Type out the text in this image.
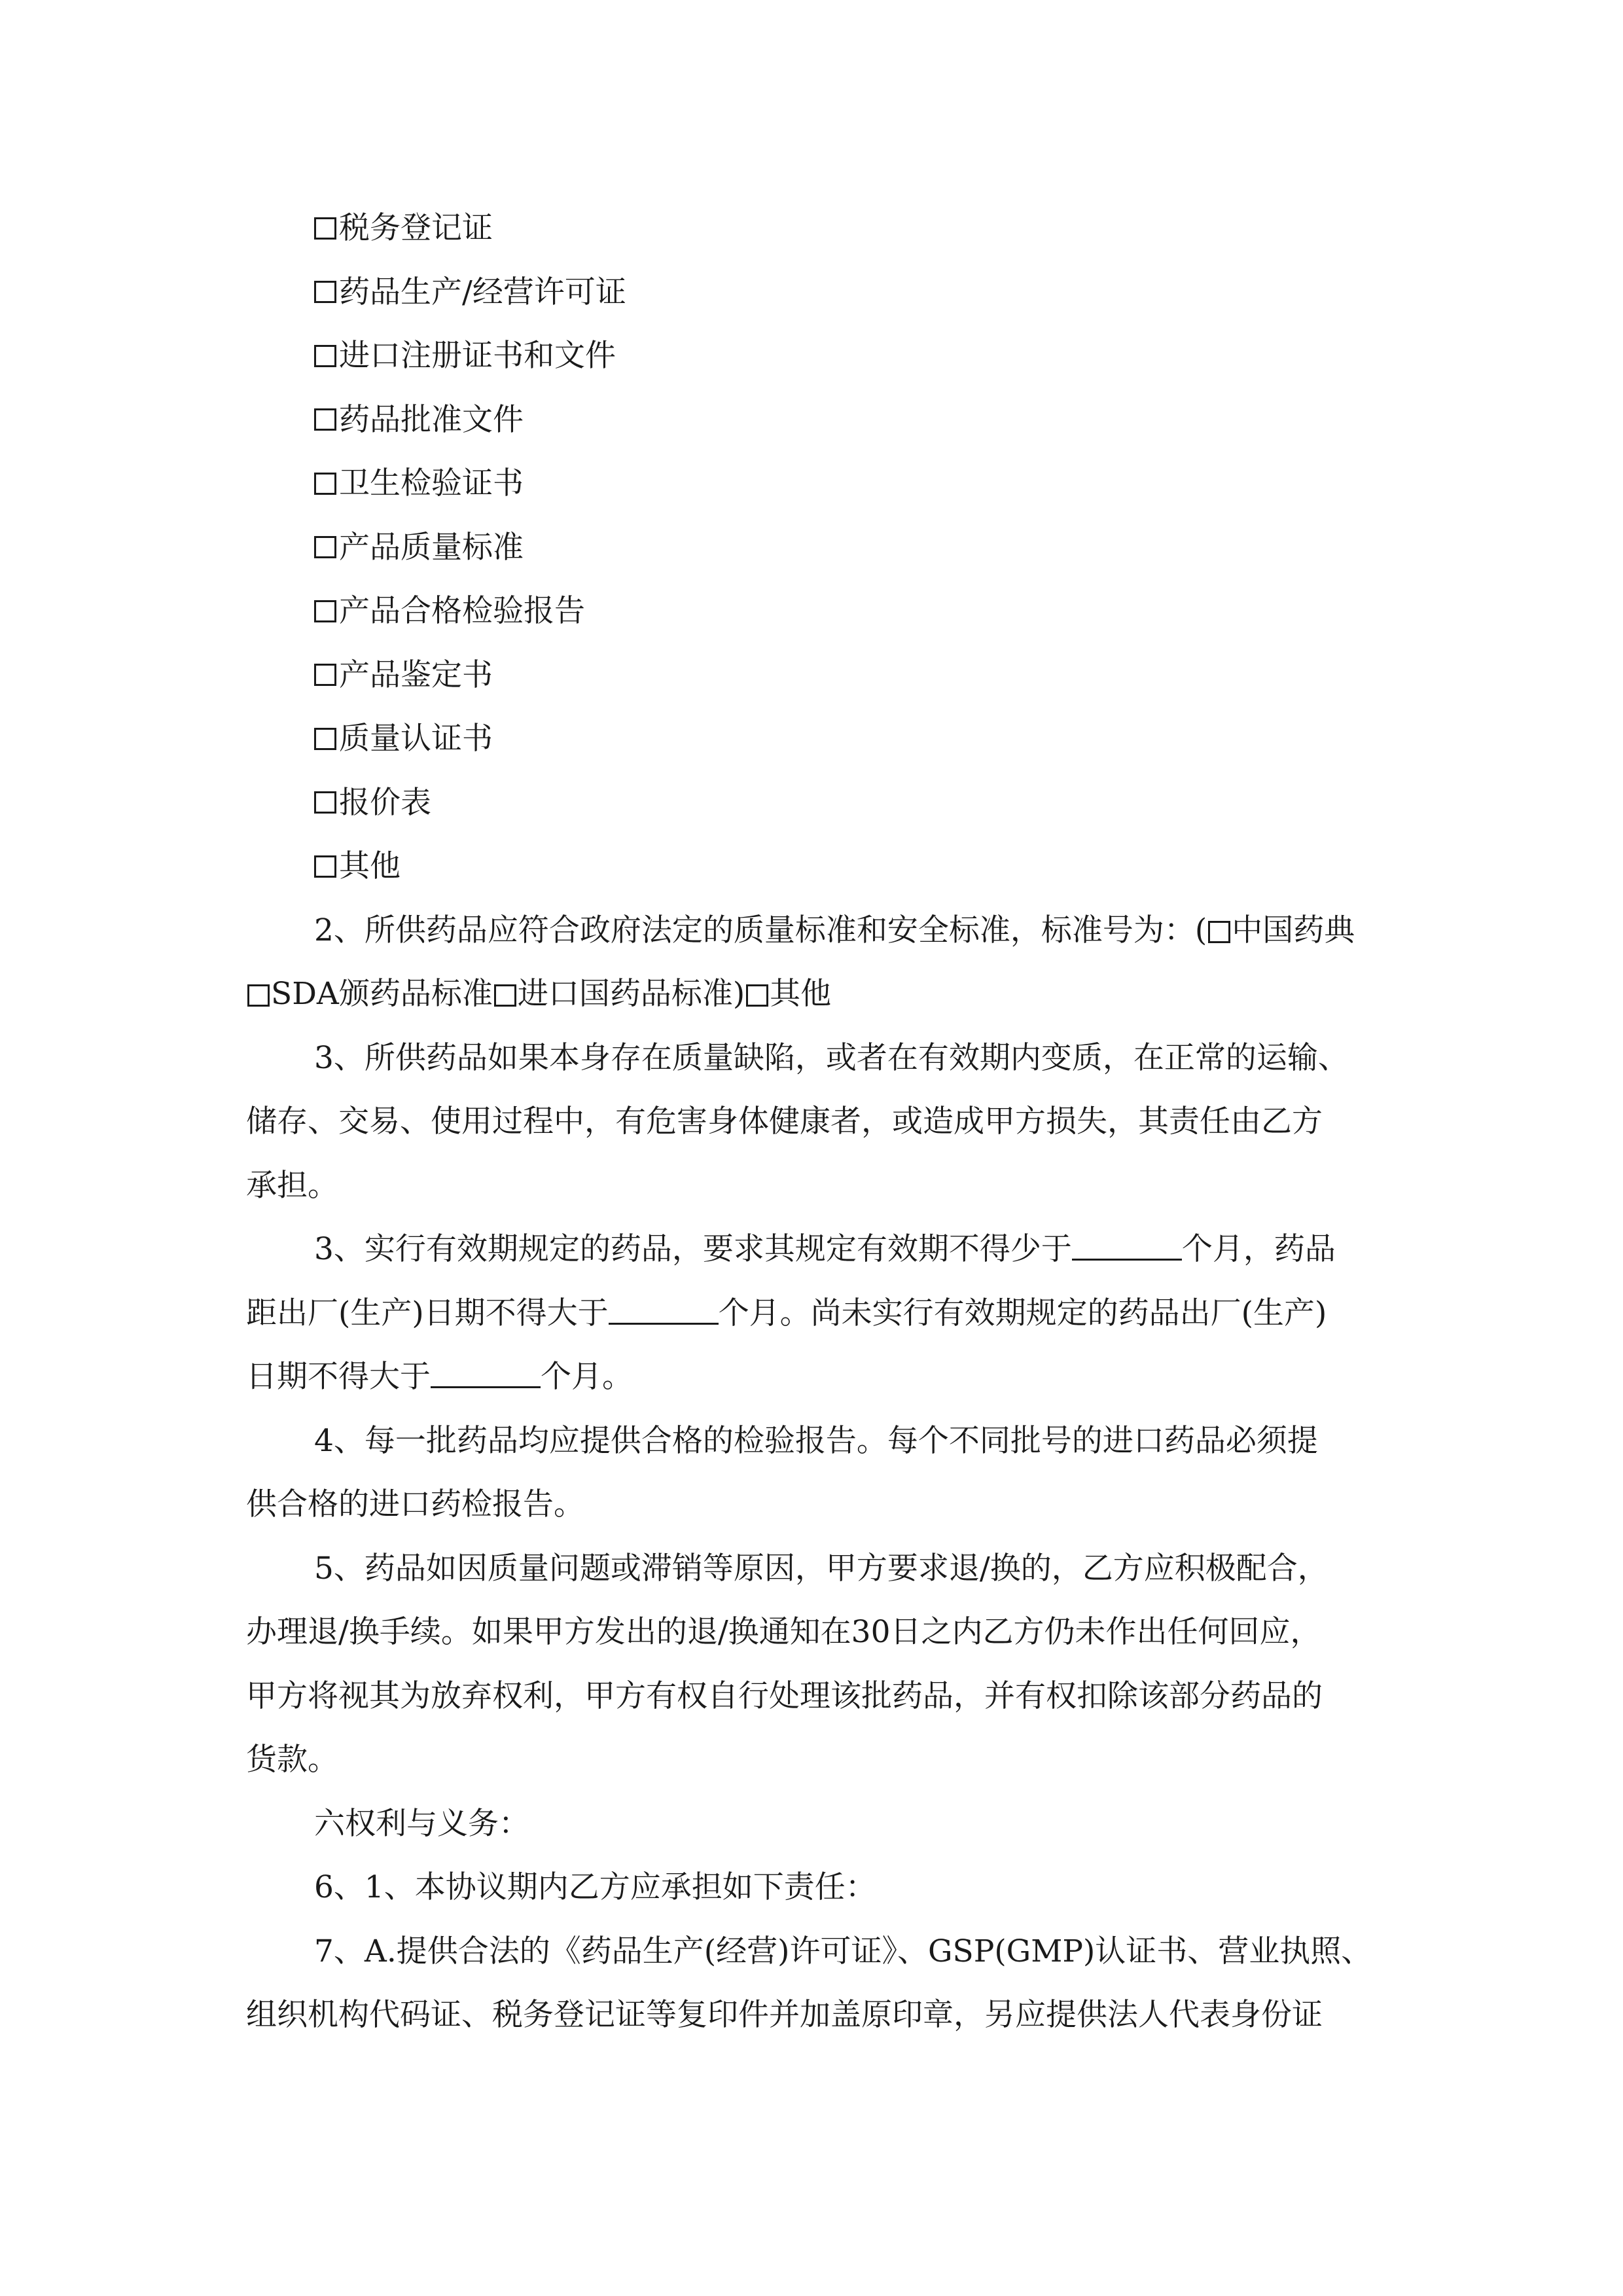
税务登记证
药品生产/经营许可证
进口注册证书和文件
药品批准文件
卫生检验证书
产品质量标准
产品合格检验报告
产品鉴定书
质量认证书
报价表
其他
2、所供药品应符合政府法定的质量标准和安全标准，标准号为：( 中国药典
SDA颁药品标准 进口国药品标准) 其他
3、所供药品如果本身存在质量缺陷，或者在有效期内变质，在正常的运输、
储存、交易、使用过程中，有危害身体健康者，或造成甲方损失，其责任由乙方
承担。
3、实行有效期规定的药品，要求其规定有效期不得少于	个月，药品
距出厂(生产)日期不得大于	个月。尚未实行有效期规定的药品出厂(生产)
日期不得大于	个月。
4、每一批药品均应提供合格的检验报告。每个不同批号的进口药品必须提
供合格的进口药检报告。
5、药品如因质量问题或滞销等原因，甲方要求退/换的，乙方应积极配合，
办理退/换手续。如果甲方发出的退/换通知在30日之内乙方仍未作出任何回应，
甲方将视其为放弃权利，甲方有权自行处理该批药品，并有权扣除该部分药品的
货款。
六权利与义务：
6、1、本协议期内乙方应承担如下责任：
7、A.提供合法的《药品生产(经营)许可证》、GSP(GMP)认证书、营业执照、
组织机构代码证、税务登记证等复印件并加盖原印章，另应提供法人代表身份证
